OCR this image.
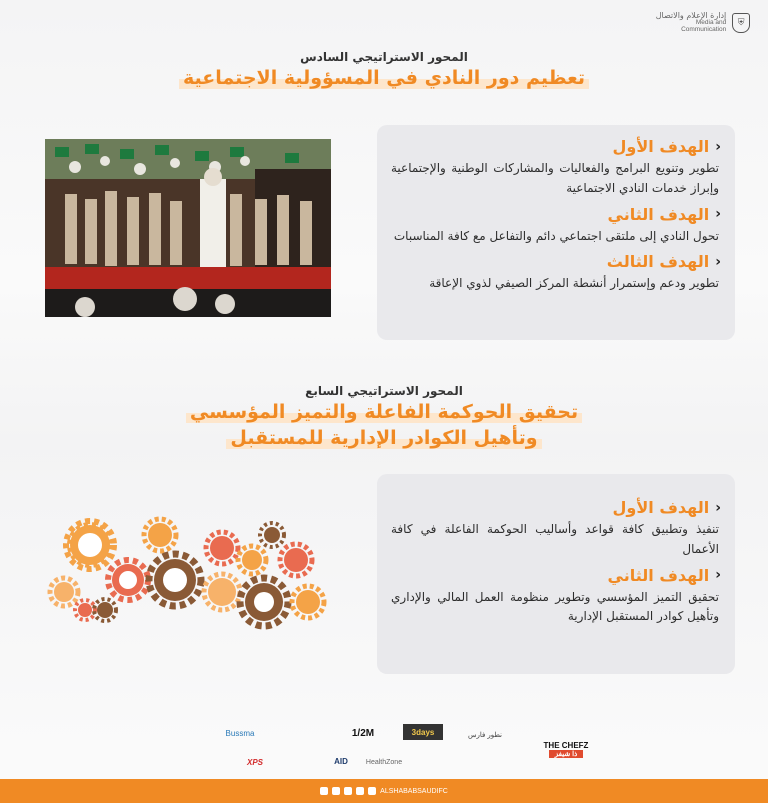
⛨
إدارة الإعلام والاتصال
Media and Communication
المحور الاستراتيجي السادس
تعظيم دور النادي في المسؤولية الاجتماعية
‹
الهدف الأول
تطوير وتنويع البرامج والفعاليات والمشاركات الوطنية والإجتماعية وإبراز خدمات النادي الاجتماعية
‹
الهدف الثاني
تحول النادي إلى ملتقى اجتماعي دائم والتفاعل مع كافة المناسبات
‹
الهدف الثالث
تطوير ودعم وإستمرار أنشطة المركز الصيفي لذوي الإعاقة
المحور الاستراتيجي السابع
تحقيق الحوكمة الفاعلة والتميز المؤسسي
وتأهيل الكوادر الإدارية للمستقبل
‹
الهدف الأول
تنفيذ وتطبيق كافة قواعد وأساليب الحوكمة الفاعلة في كافة الأعمال
‹
الهدف الثاني
تحقيق التميز المؤسسي وتطوير منظومة العمل المالي والإداري وتأهيل كوادر المستقبل الإدارية
THE CHEFZ
ذا شيفز
نطور فارس
3days
1/2M
Bussma
HealthZone
AID
XPS
ALSHABABSAUDIFC
